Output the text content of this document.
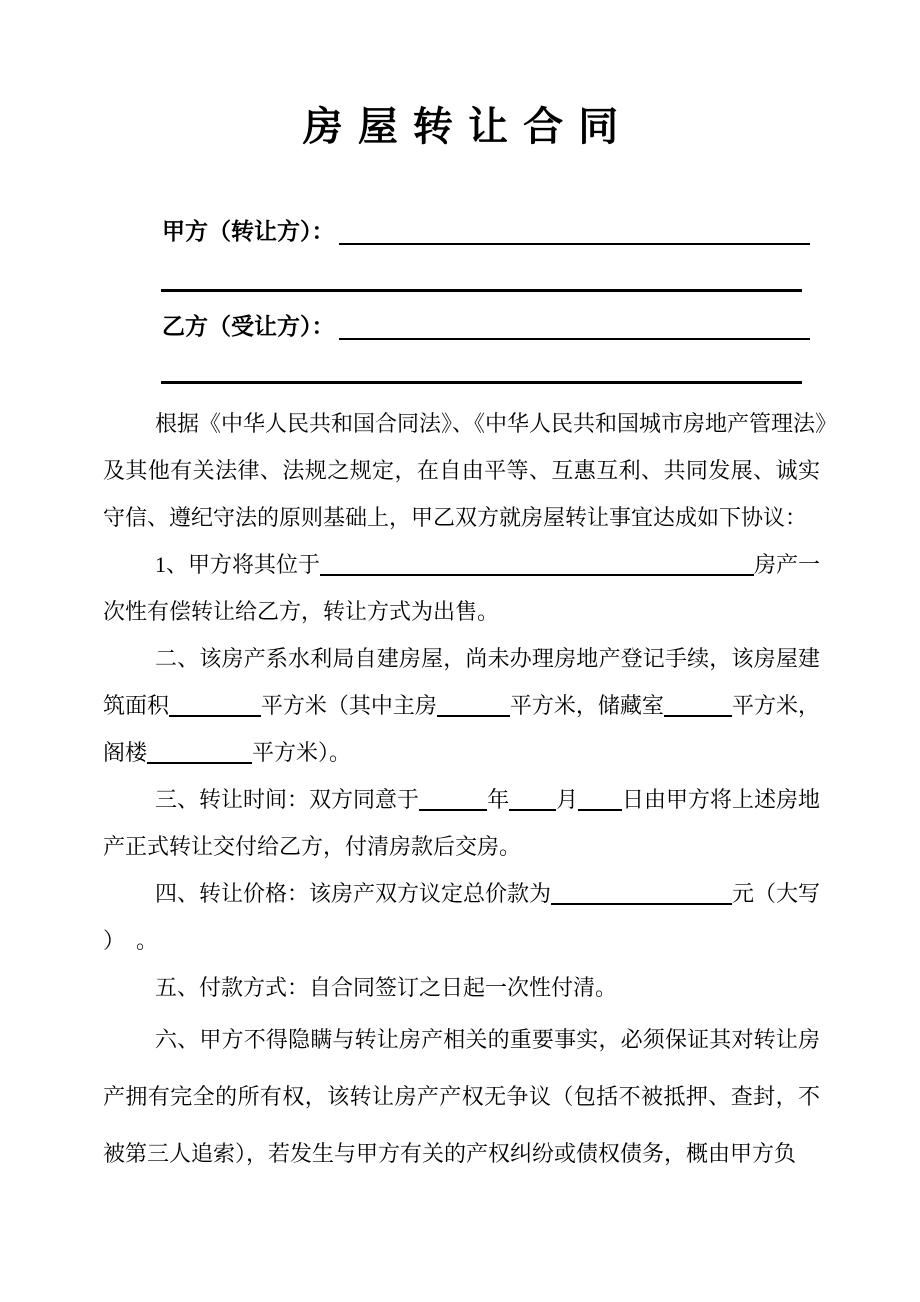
房 屋 转 让 合 同
甲方（转让方）：
乙方（受让方）：
根据《中华人民共和国合同法》、《中华人民共和国城市房地产管理法》
及其他有关法律、法规之规定，在自由平等、互惠互利、共同发展、诚实
守信、遵纪守法的原则基础上，甲乙双方就房屋转让事宜达成如下协议：
1、甲方将其位于	房产一
次性有偿转让给乙方，转让方式为出售。
二、该房产系水利局自建房屋，尚未办理房地产登记手续，该房屋建
筑面积	平方米（其中主房	平方米，储藏室	平方米，
阁楼	平方米）。
三、转让时间：双方同意于	年 月 日由甲方将上述房地
产正式转让交付给乙方，付清房款后交房。
四、转让价格：该房产双方议定总价款为	元（大写
）　。
五、付款方式：自合同签订之日起一次性付清。
六、甲方不得隐瞒与转让房产相关的重要事实，必须保证其对转让房
产拥有完全的所有权，该转让房产产权无争议（包括不被抵押、查封，不
被第三人追索），若发生与甲方有关的产权纠纷或债权债务，概由甲方负
